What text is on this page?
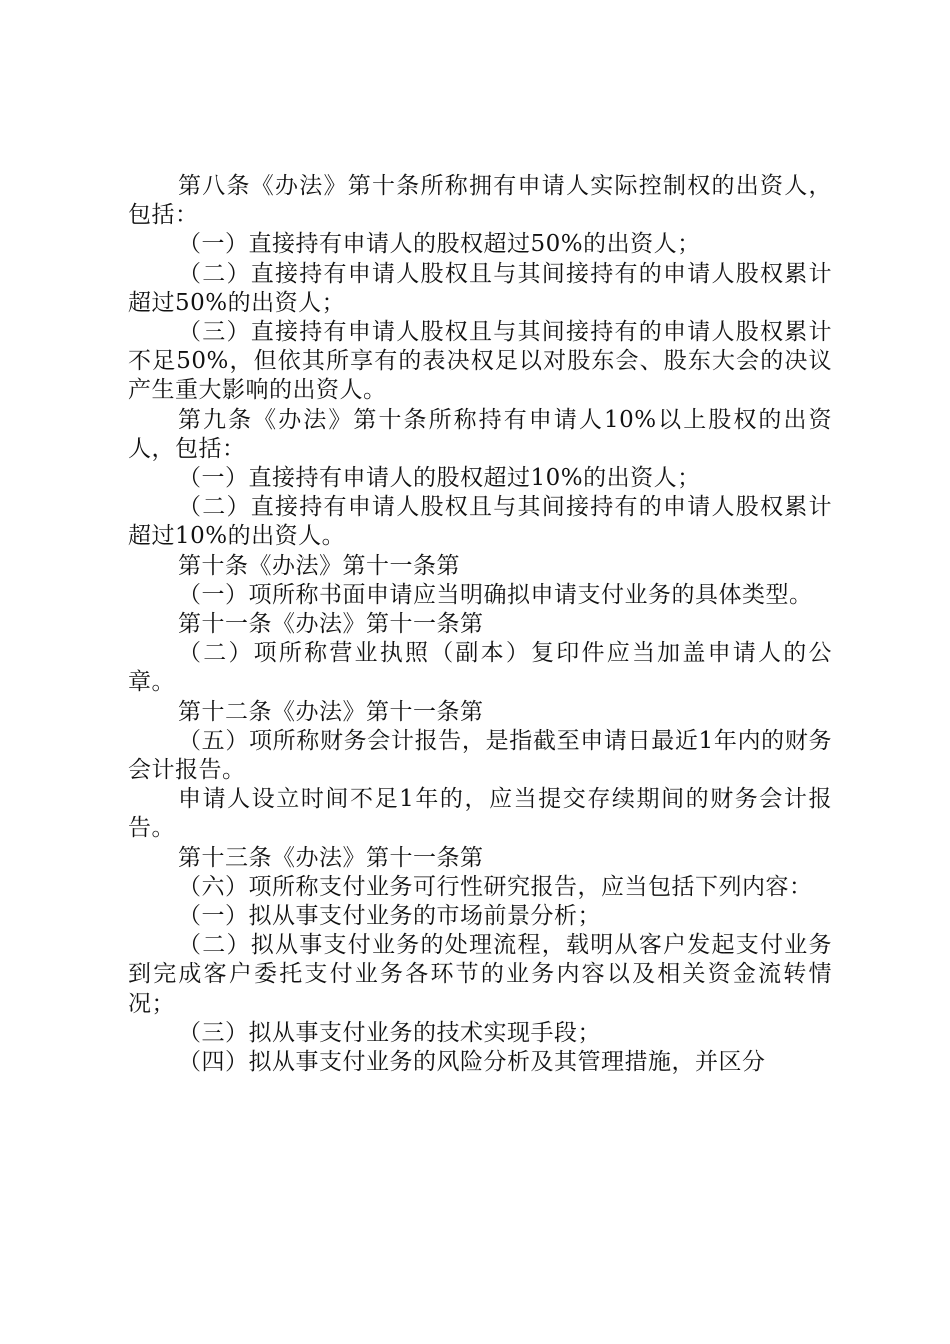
第八条《办法》第十条所称拥有申请人实际控制权的出资人，包括：

（一）直接持有申请人的股权超过50%的出资人；

（二）直接持有申请人股权且与其间接持有的申请人股权累计超过50%的出资人；

（三）直接持有申请人股权且与其间接持有的申请人股权累计不足50%，但依其所享有的表决权足以对股东会、股东大会的决议产生重大影响的出资人。

第九条《办法》第十条所称持有申请人10%以上股权的出资人，包括：

（一）直接持有申请人的股权超过10%的出资人；

（二）直接持有申请人股权且与其间接持有的申请人股权累计超过10%的出资人。

第十条《办法》第十一条第

（一）项所称书面申请应当明确拟申请支付业务的具体类型。

第十一条《办法》第十一条第

（二）项所称营业执照（副本）复印件应当加盖申请人的公章。

第十二条《办法》第十一条第

（五）项所称财务会计报告，是指截至申请日最近1年内的财务会计报告。

申请人设立时间不足1年的，应当提交存续期间的财务会计报告。

第十三条《办法》第十一条第

（六）项所称支付业务可行性研究报告，应当包括下列内容：

（一）拟从事支付业务的市场前景分析；

（二）拟从事支付业务的处理流程，载明从客户发起支付业务到完成客户委托支付业务各环节的业务内容以及相关资金流转情况；

（三）拟从事支付业务的技术实现手段；

（四）拟从事支付业务的风险分析及其管理措施，并区分
